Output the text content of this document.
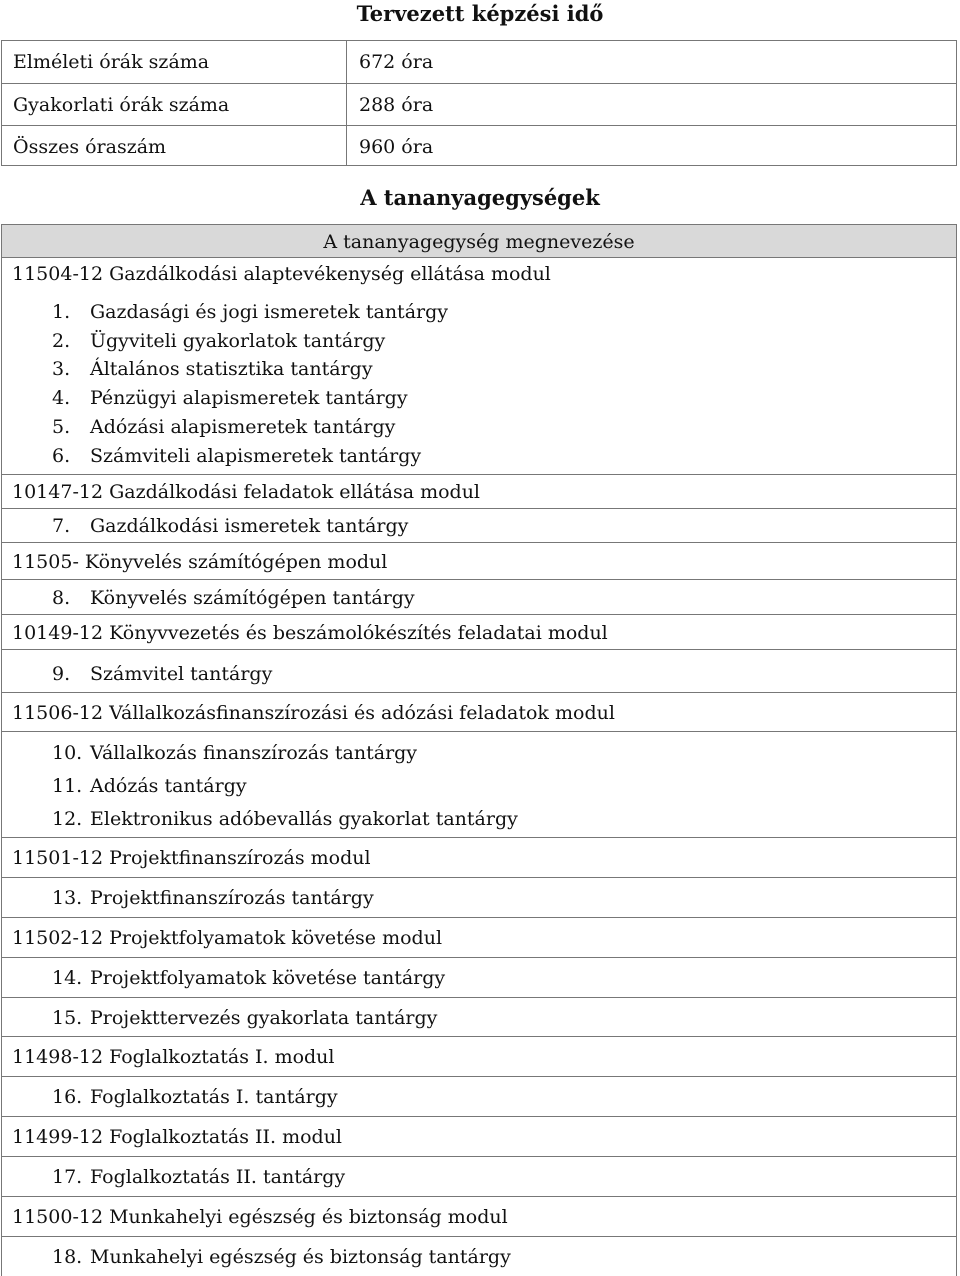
Tervezett képzési idő
Elméleti órák száma	672 óra
Gyakorlati órák száma	288 óra
Összes óraszám	960 óra
A tananyagegységek
A tananyagegység megnevezése
11504-12 Gazdálkodási alaptevékenység ellátása modul
1. Gazdasági és jogi ismeretek tantárgy
2. Ügyviteli gyakorlatok tantárgy
3. Általános statisztika tantárgy
4. Pénzügyi alapismeretek tantárgy
5. Adózási alapismeretek tantárgy
6. Számviteli alapismeretek tantárgy
10147-12 Gazdálkodási feladatok ellátása modul
7. Gazdálkodási ismeretek tantárgy
11505- Könyvelés számítógépen modul
8. Könyvelés számítógépen tantárgy
10149-12 Könyvvezetés és beszámolókészítés feladatai modul
9. Számvitel tantárgy
11506-12 Vállalkozásfinanszírozási és adózási feladatok modul
10. Vállalkozás finanszírozás tantárgy
11. Adózás tantárgy
12. Elektronikus adóbevallás gyakorlat tantárgy
11501-12 Projektfinanszírozás modul
13. Projektfinanszírozás tantárgy
11502-12 Projektfolyamatok követése modul
14. Projektfolyamatok követése tantárgy
15. Projekttervezés gyakorlata tantárgy
11498-12 Foglalkoztatás I. modul
16. Foglalkoztatás I. tantárgy
11499-12 Foglalkoztatás II. modul
17. Foglalkoztatás II. tantárgy
11500-12 Munkahelyi egészség és biztonság modul
18. Munkahelyi egészség és biztonság tantárgy
